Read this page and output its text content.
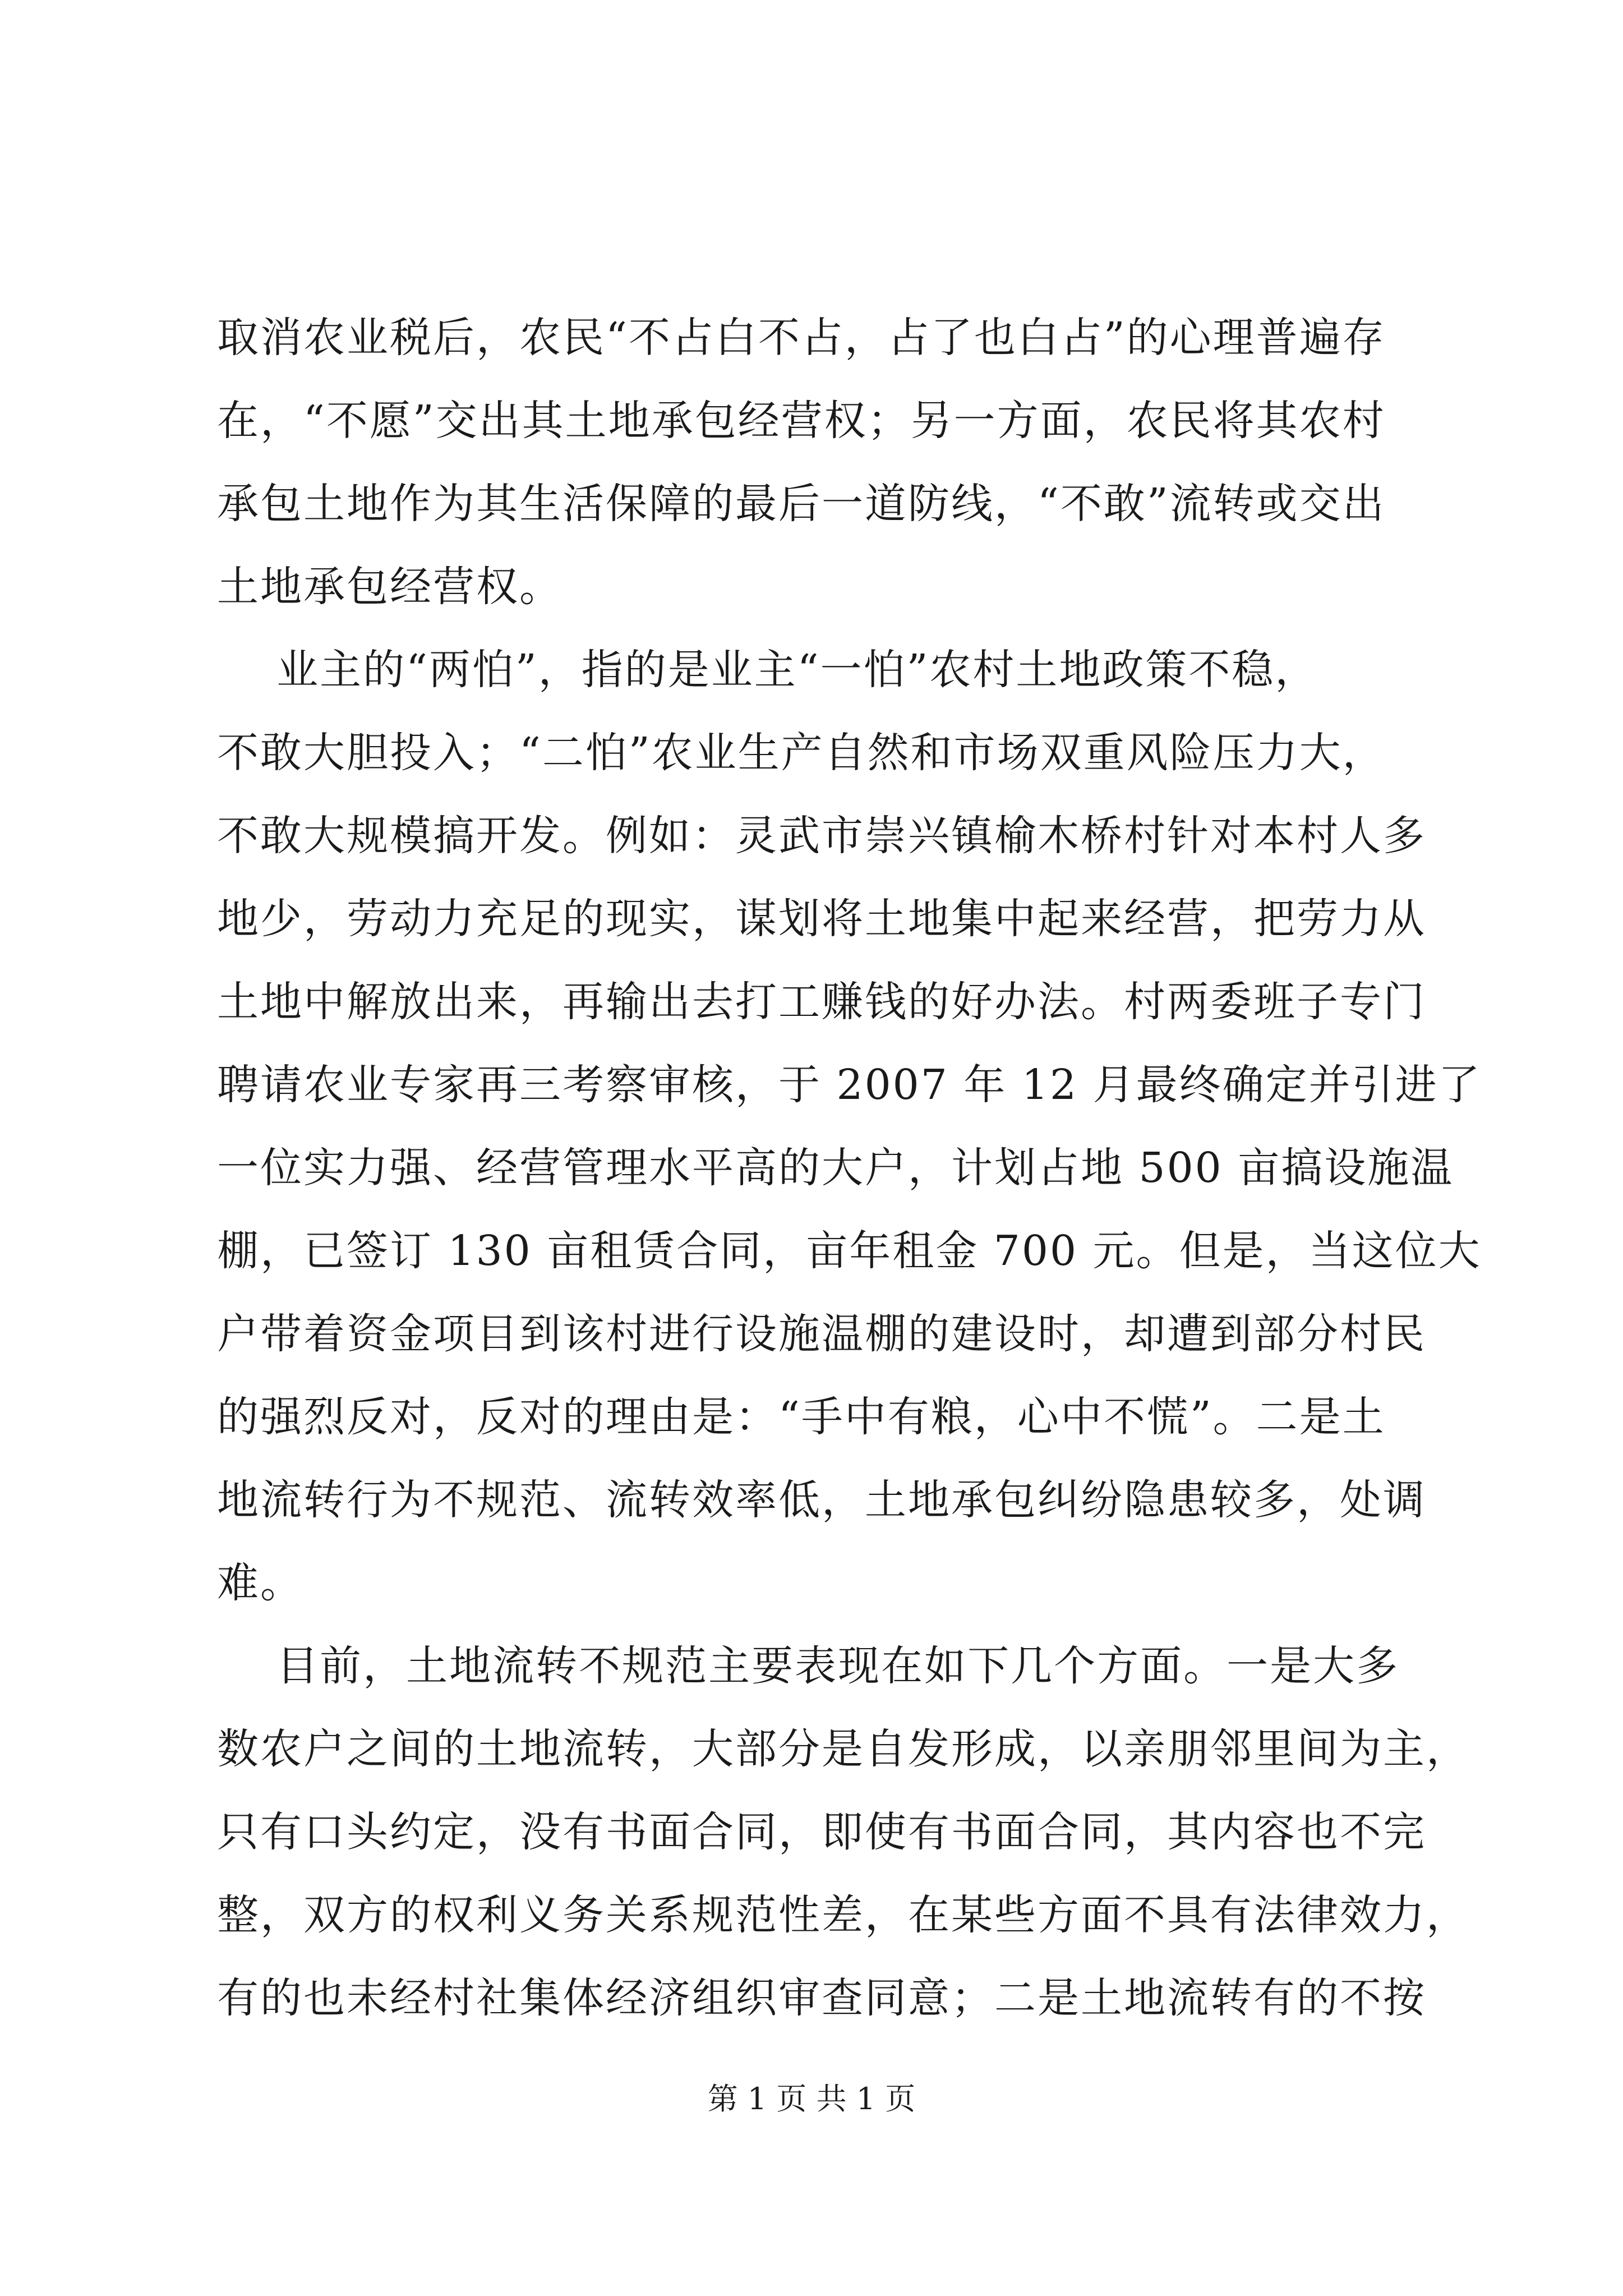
取消农业税后，农民“不占白不占，占了也白占”的心理普遍存
在，“不愿”交出其土地承包经营权；另一方面，农民将其农村
承包土地作为其生活保障的最后一道防线，“不敢”流转或交出
土地承包经营权。
业主的“两怕”，指的是业主“一怕”农村土地政策不稳，
不敢大胆投入；“二怕”农业生产自然和市场双重风险压力大，
不敢大规模搞开发。例如：灵武市崇兴镇榆木桥村针对本村人多
地少，劳动力充足的现实，谋划将土地集中起来经营，把劳力从
土地中解放出来，再输出去打工赚钱的好办法。村两委班子专门
聘请农业专家再三考察审核，于 2007 年 12 月最终确定并引进了
一位实力强、经营管理水平高的大户，计划占地 500 亩搞设施温
棚，已签订 130 亩租赁合同，亩年租金 700 元。但是，当这位大
户带着资金项目到该村进行设施温棚的建设时，却遭到部分村民
的强烈反对，反对的理由是：“手中有粮，心中不慌”。二是土
地流转行为不规范、流转效率低，土地承包纠纷隐患较多，处调
难。
目前，土地流转不规范主要表现在如下几个方面。一是大多
数农户之间的土地流转，大部分是自发形成，以亲朋邻里间为主，
只有口头约定，没有书面合同，即使有书面合同，其内容也不完
整，双方的权利义务关系规范性差，在某些方面不具有法律效力，
有的也未经村社集体经济组织审查同意；二是土地流转有的不按
第 1 页 共 1 页
